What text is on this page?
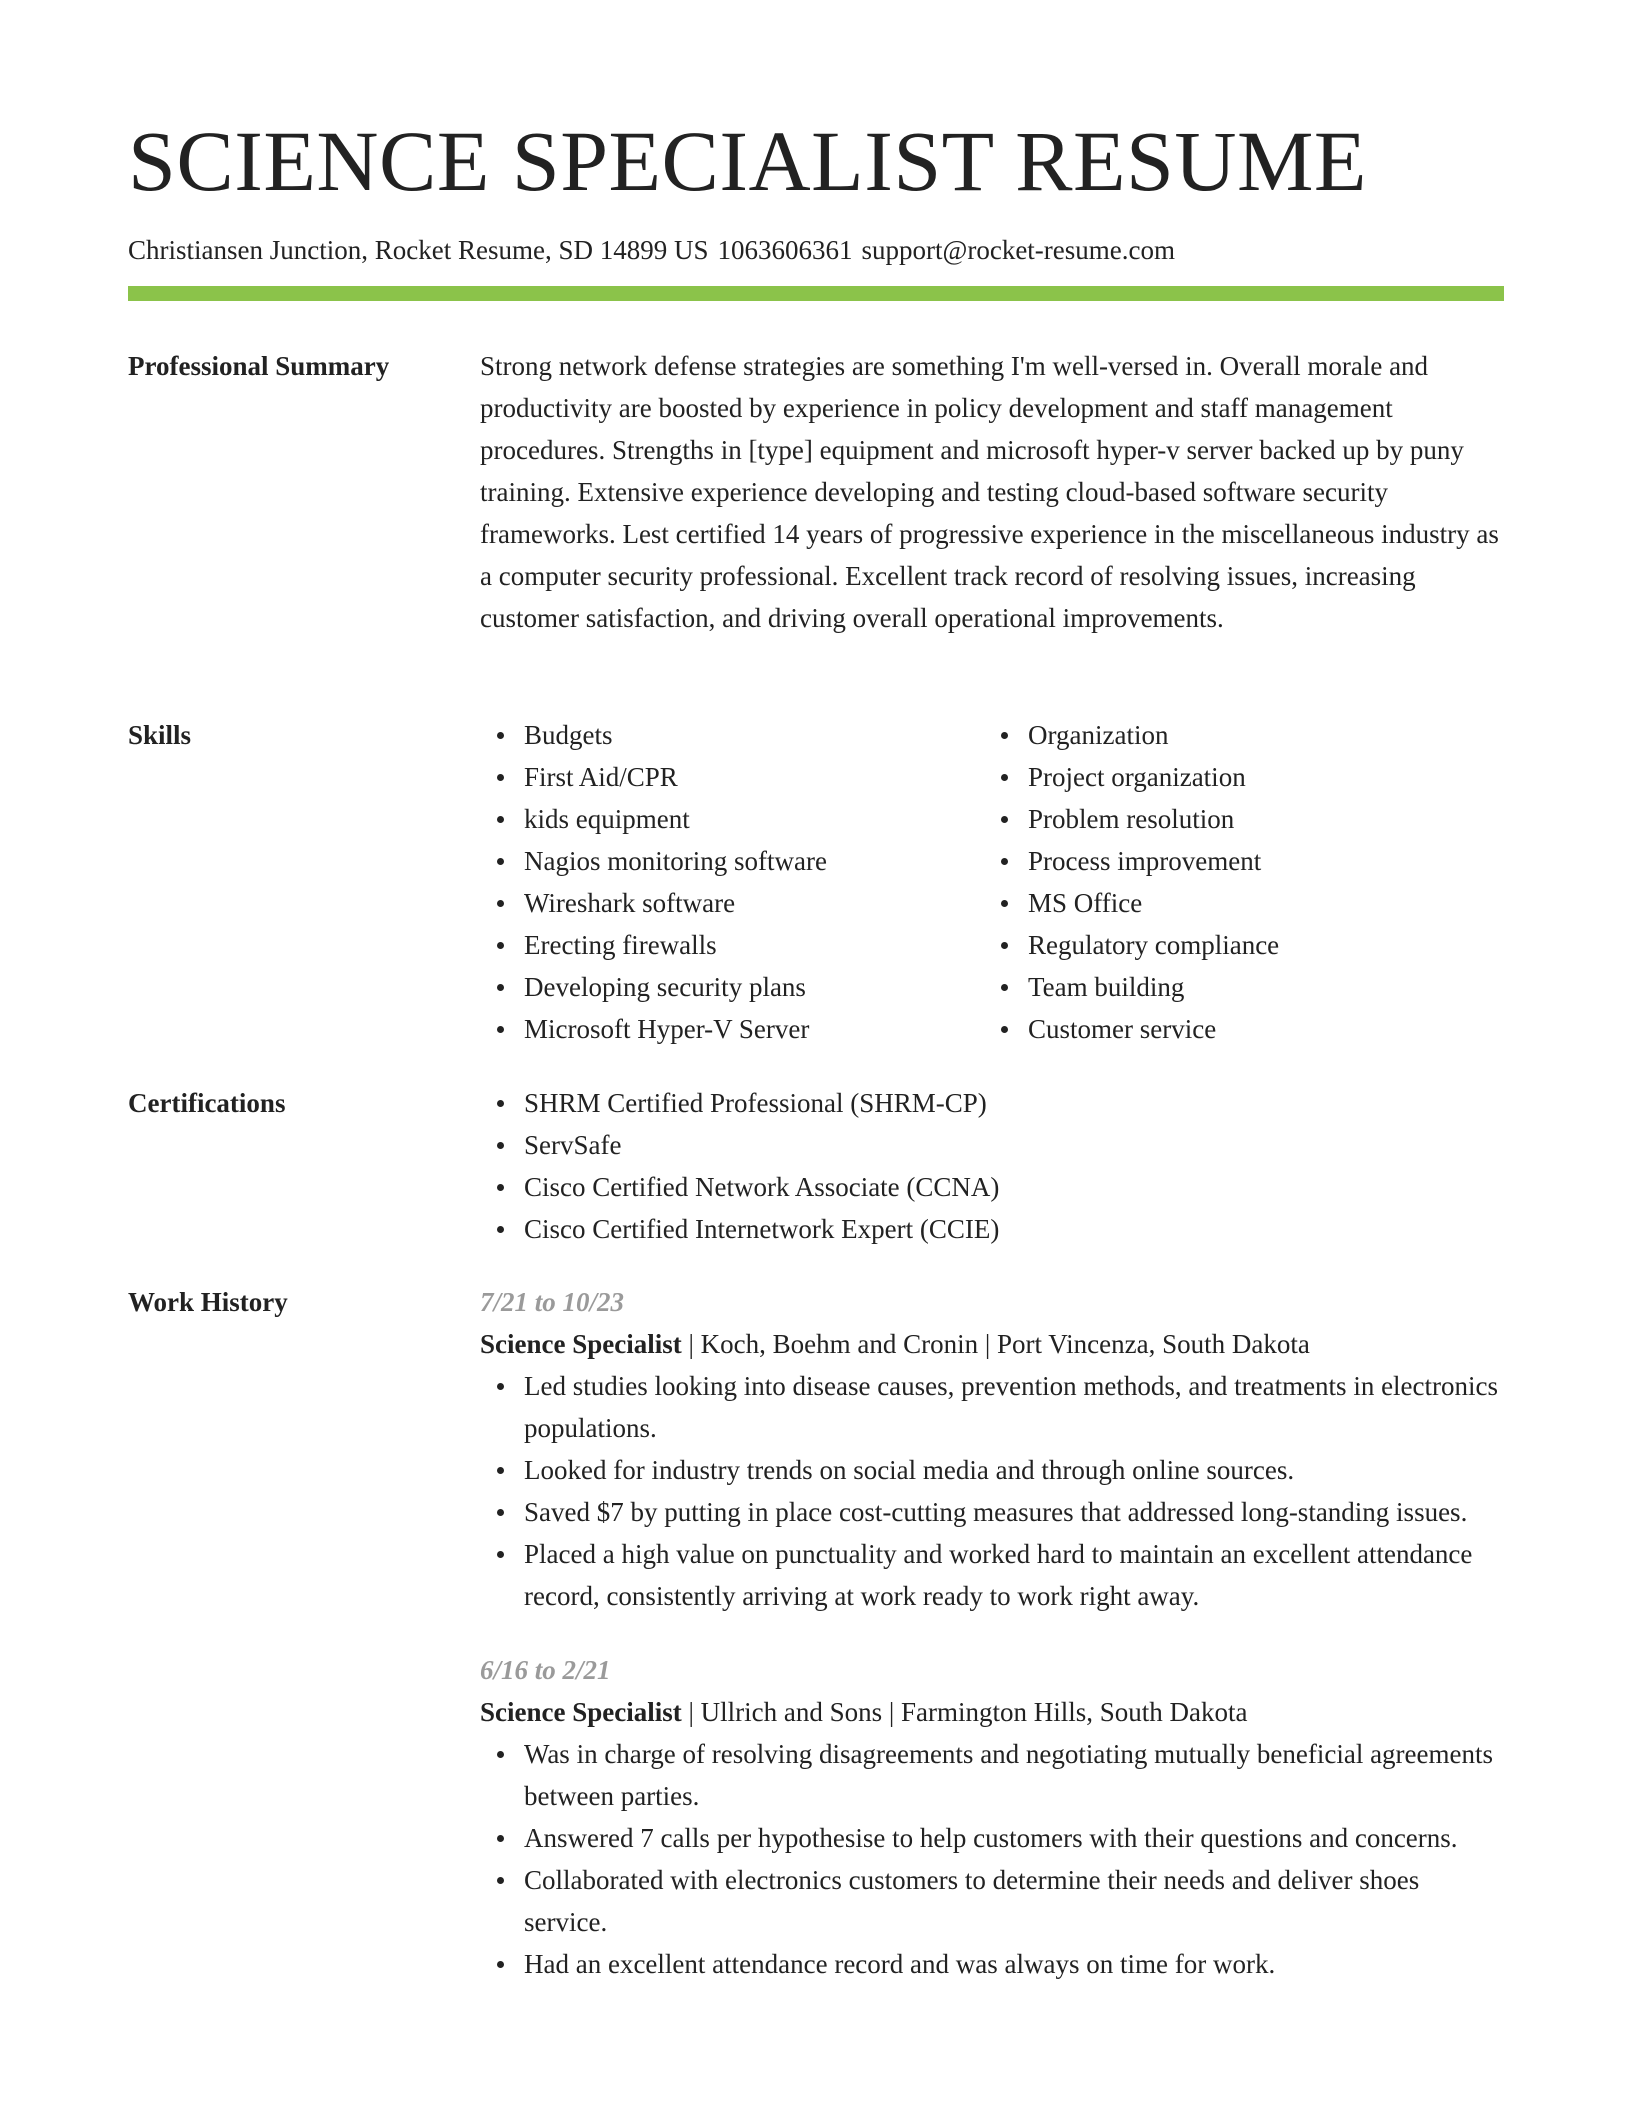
SCIENCE SPECIALIST RESUME
Christiansen Junction, Rocket Resume, SD 14899 US 1063606361 support@rocket-resume.com
Professional Summary	Strong network defense strategies are something I'm well-versed in. Overall morale and productivity are boosted by experience in policy development and staff management procedures. Strengths in [type] equipment and microsoft hyper-v server backed up by puny training. Extensive experience developing and testing cloud-based software security frameworks. Lest certified 14 years of progressive experience in the miscellaneous industry as a computer security professional. Excellent track record of resolving issues, increasing customer satisfaction, and driving overall operational improvements.

Skills	Budgets
First Aid/CPR
kids equipment
Nagios monitoring software
Wireshark software
Erecting firewalls
Developing security plans
Microsoft Hyper-V Server
Organization
Project organization
Problem resolution
Process improvement
MS Office
Regulatory compliance
Team building
Customer service
Certifications	SHRM Certified Professional (SHRM-CP)
ServSafe
Cisco Certified Network Associate (CCNA)
Cisco Certified Internetwork Expert (CCIE)
Work History	7/21 to 10/23
Science Specialist | Koch, Boehm and Cronin | Port Vincenza, South Dakota
Led studies looking into disease causes, prevention methods, and treatments in electronics populations.
Looked for industry trends on social media and through online sources.
Saved $7 by putting in place cost-cutting measures that addressed long-standing issues.
Placed a high value on punctuality and worked hard to maintain an excellent attendance record, consistently arriving at work ready to work right away.
6/16 to 2/21
Science Specialist | Ullrich and Sons | Farmington Hills, South Dakota
Was in charge of resolving disagreements and negotiating mutually beneficial agreements between parties.
Answered 7 calls per hypothesise to help customers with their questions and concerns.
Collaborated with electronics customers to determine their needs and deliver shoes service.
Had an excellent attendance record and was always on time for work.
